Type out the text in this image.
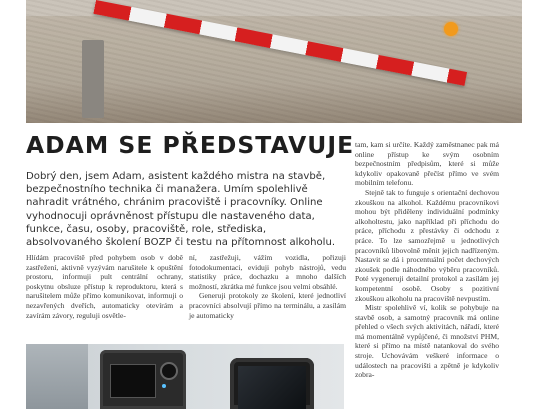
ADAM SE PŘEDSTAVUJE

Dobrý den, jsem Adam, asistent každého mistra na stavbě, bezpečnostního technika či manažera. Umím spolehlivě nahradit vrátného, chránim pracoviště i pracovníky. Online vyhodnocuji oprávněnost přístupu dle nastaveného data, funkce, času, osoby, pracoviště, role, střediska, absolvovaného školení BOZP či testu na přítomnost alkoholu.

Hlídám pracoviště před pohybem osob v době zastřežení, aktivně vyzývám narušitele k opuštění prostoru, informuji pult centrální ochrany, poskytnu obsluze přístup k reproduktoru, která s narušitelem může přímo komunikovat, informuji o nezavřených dveřích, automaticky otevírám a zavírám závory, reguluji osvětle-

ní, zastřežuji, vážím vozidla, pořizuji fotodokumentaci, eviduji pohyb nástrojů, vedu statistiky práce, dochazku a mnoho dalších možností, zkrátka mé funkce jsou velmi obsáhlé.

Generuji protokoly ze školení, které jednotliví pracovníci absolvují přímo na terminálu, a zasílám je automaticky

tam, kam si určíte. Každý zaměstnanec pak má online přístup ke svým osobním bezpečnostním předpisům, které si může kdykoliv opakovaně přečíst přímo ve svém mobilním telefonu.

Stejně tak to funguje s orientační dechovou zkouškou na alkohol. Každému pracovníkovi mohou být přiděleny individuální podmínky alkoholtestu, jako například při příchodu do práce, příchodu z přestávky či odchodu z práce. To lze samozřejmě u jednotlivých pracovníků libovolně měnit jejich nadřízeným. Nastavit se dá i procentuální počet dechových zkoušek podle náhodného výběru pracovníků. Poté vygeneruji detailní protokol a zasílám jej kompetentní osobě. Osoby s pozitivní zkouškou alkoholu na pracoviště nevpustím.

Mistr spolehlivě ví, kolik se pohybuje na stavbě osob, a samotný pracovník má online přehled o všech svých aktivitách, nářadí, které má momentálně vypůjčené, či množství PHM, které si přímo na místě natankoval do svého stroje. Uchovávám veškeré informace o událostech na pracovišti a zpětně je kdykoliv zobra-
